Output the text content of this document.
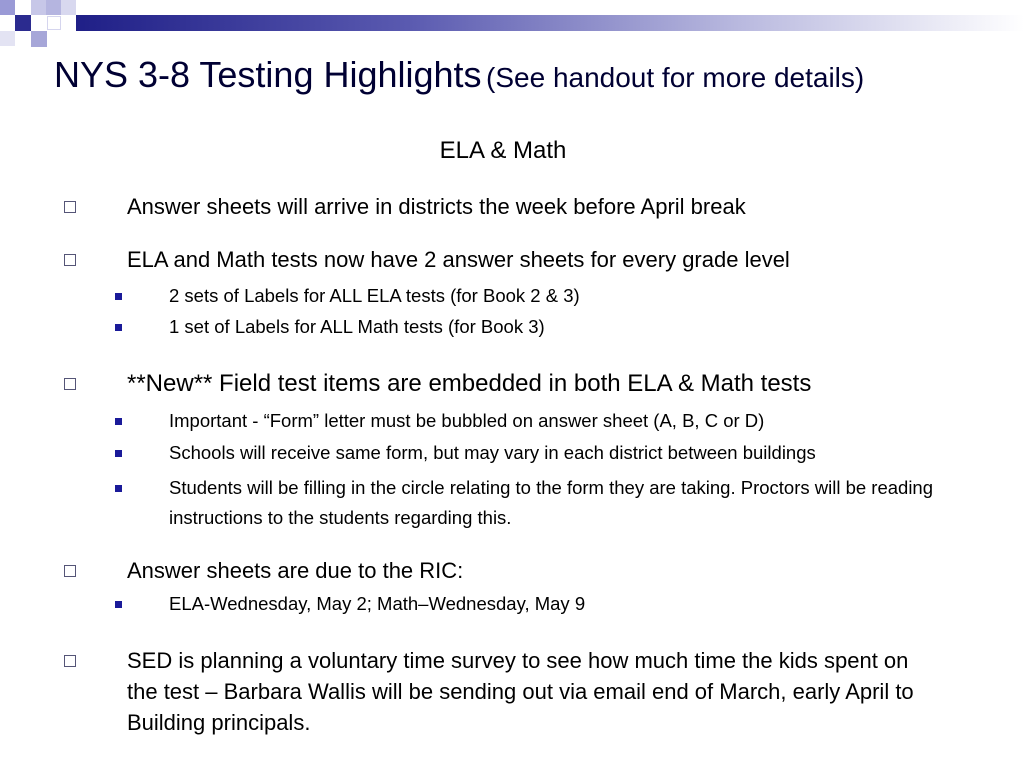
NYS 3-8 Testing Highlights (See handout for more details)
ELA & Math
Answer sheets will arrive in districts the week before April break
ELA and Math tests now have 2 answer sheets for every grade level
2 sets of Labels for ALL ELA tests (for Book 2 & 3)
1 set of Labels for ALL Math tests (for Book 3)
**New** Field test items are embedded in both ELA & Math tests
Important - “Form” letter must be bubbled on answer sheet (A, B, C or D)
Schools will receive same form, but may vary in each district between buildings
Students will be filling in the circle relating to the form they are taking. Proctors will be reading instructions to the students regarding this.
Answer sheets are due to the RIC:
ELA-Wednesday, May 2; Math–Wednesday, May 9
SED is planning a voluntary time survey to see how much time the kids spent on the test – Barbara Wallis will be sending out via email end of March, early April to Building principals.
